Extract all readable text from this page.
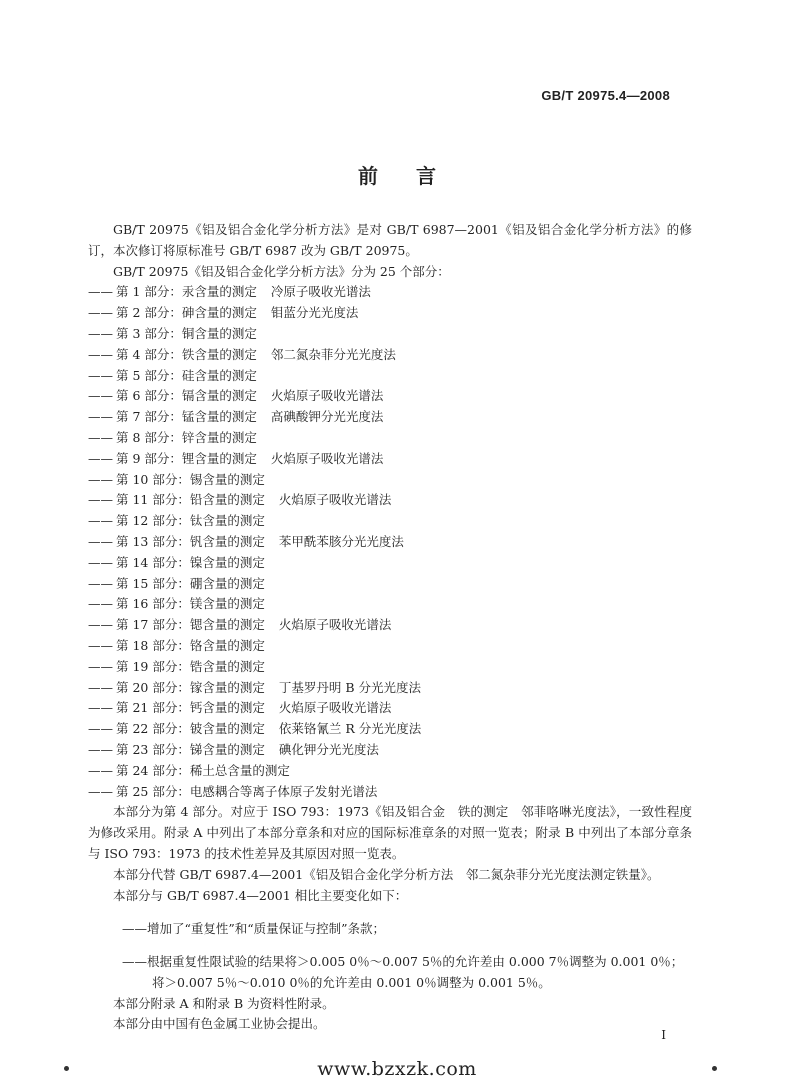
GB/T 20975.4—2008
前言

GB/T 20975《铝及铝合金化学分析方法》是对 GB/T 6987—2001《铝及铝合金化学分析方法》的修订，本次修订将原标准号 GB/T 6987 改为 GB/T 20975。

GB/T 20975《铝及铝合金化学分析方法》分为 25 个部分：

—— 第 1 部分：汞含量的测定 冷原子吸收光谱法
—— 第 2 部分：砷含量的测定 钼蓝分光光度法
—— 第 3 部分：铜含量的测定
—— 第 4 部分：铁含量的测定 邻二氮杂菲分光光度法
—— 第 5 部分：硅含量的测定
—— 第 6 部分：镉含量的测定 火焰原子吸收光谱法
—— 第 7 部分：锰含量的测定 高碘酸钾分光光度法
—— 第 8 部分：锌含量的测定
—— 第 9 部分：锂含量的测定 火焰原子吸收光谱法
—— 第 10 部分：锡含量的测定
—— 第 11 部分：铅含量的测定 火焰原子吸收光谱法
—— 第 12 部分：钛含量的测定
—— 第 13 部分：钒含量的测定 苯甲酰苯胲分光光度法
—— 第 14 部分：镍含量的测定
—— 第 15 部分：硼含量的测定
—— 第 16 部分：镁含量的测定
—— 第 17 部分：锶含量的测定 火焰原子吸收光谱法
—— 第 18 部分：铬含量的测定
—— 第 19 部分：锆含量的测定
—— 第 20 部分：镓含量的测定 丁基罗丹明 B 分光光度法
—— 第 21 部分：钙含量的测定 火焰原子吸收光谱法
—— 第 22 部分：铍含量的测定 依莱铬氰兰 R 分光光度法
—— 第 23 部分：锑含量的测定 碘化钾分光光度法
—— 第 24 部分：稀土总含量的测定
—— 第 25 部分：电感耦合等离子体原子发射光谱法

本部分为第 4 部分。对应于 ISO 793：1973《铝及铝合金　铁的测定　邻菲咯啉光度法》，一致性程度为修改采用。附录 A 中列出了本部分章条和对应的国际标准章条的对照一览表；附录 B 中列出了本部分章条与 ISO 793：1973 的技术性差异及其原因对照一览表。

本部分代替 GB/T 6987.4—2001《铝及铝合金化学分析方法　邻二氮杂菲分光光度法测定铁量》。

本部分与 GB/T 6987.4—2001 相比主要变化如下：

——增加了“重复性”和“质量保证与控制”条款；

——根据重复性限试验的结果将＞0.005 0％～0.007 5％的允许差由 0.000 7％调整为 0.001 0％；

将＞0.007 5％～0.010 0％的允许差由 0.001 0％调整为 0.001 5％。

本部分附录 A 和附录 B 为资料性附录。

本部分由中国有色金属工业协会提出。

I
www.bzxzk.com
